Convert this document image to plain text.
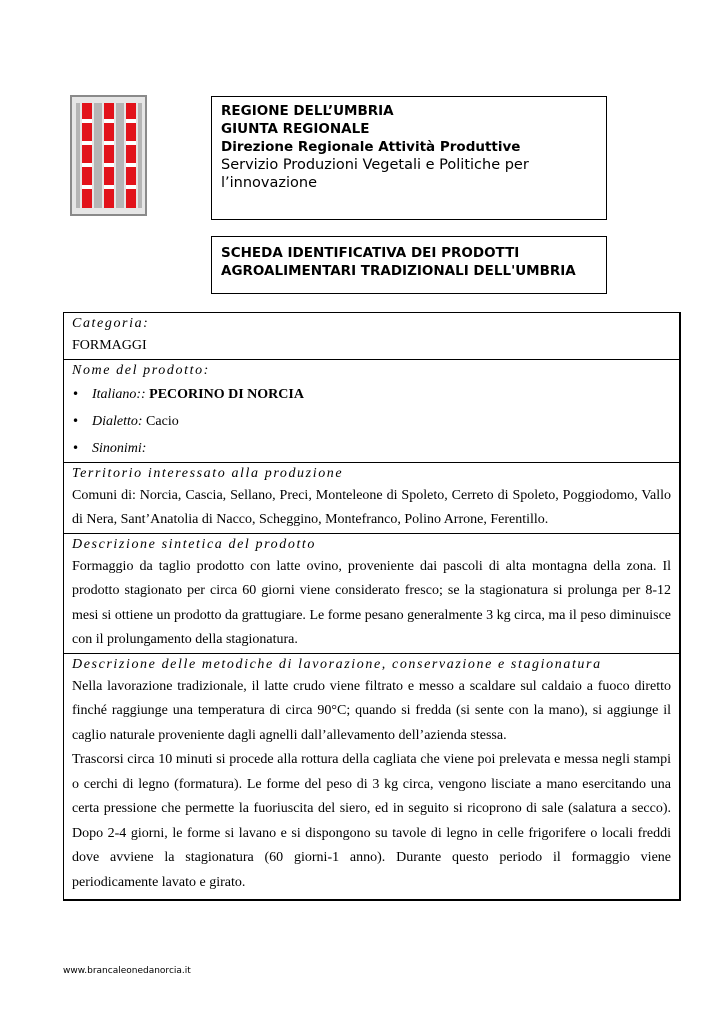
REGIONE DELL’UMBRIA
GIUNTA REGIONALE
Direzione Regionale Attività Produttive
Servizio Produzioni Vegetali e Politiche per
l’innovazione
SCHEDA IDENTIFICATIVA DEI PRODOTTI
AGROALIMENTARI TRADIZIONALI DELL'UMBRIA
Categoria:
FORMAGGI
Nome del prodotto:
• Italiano:: PECORINO DI NORCIA
• Dialetto: Cacio
• Sinonimi:
Territorio interessato alla produzione
Comuni di: Norcia, Cascia, Sellano, Preci, Monteleone di Spoleto, Cerreto di Spoleto, Poggiodomo, Vallo di Nera, Sant’Anatolia di Nacco, Scheggino, Montefranco, Polino Arrone, Ferentillo.
Descrizione sintetica del prodotto
Formaggio da taglio prodotto con latte ovino, proveniente dai pascoli di alta montagna della zona. Il prodotto stagionato per circa 60 giorni viene considerato fresco; se la stagionatura si prolunga per 8-12 mesi si ottiene un prodotto da grattugiare. Le forme pesano generalmente 3 kg circa, ma il peso diminuisce con il prolungamento della stagionatura.
Descrizione delle metodiche di lavorazione, conservazione e stagionatura
Nella lavorazione tradizionale, il latte crudo viene filtrato e messo a scaldare sul caldaio a fuoco diretto finché raggiunge una temperatura di circa 90°C; quando si fredda (si sente con la mano), si aggiunge il caglio naturale proveniente dagli agnelli dall’allevamento dell’azienda stessa.
Trascorsi circa 10 minuti si procede alla rottura della cagliata che viene poi prelevata e messa negli stampi o cerchi di legno (formatura). Le forme del peso di 3 kg circa, vengono lisciate a mano esercitando una certa pressione che permette la fuoriuscita del siero, ed in seguito si ricoprono di sale (salatura a secco). Dopo 2-4 giorni, le forme si lavano e si dispongono su tavole di legno in celle frigorifere o locali freddi dove avviene la stagionatura (60 giorni-1 anno). Durante questo periodo il formaggio viene periodicamente lavato e girato.
www.brancaleonedanorcia.it
